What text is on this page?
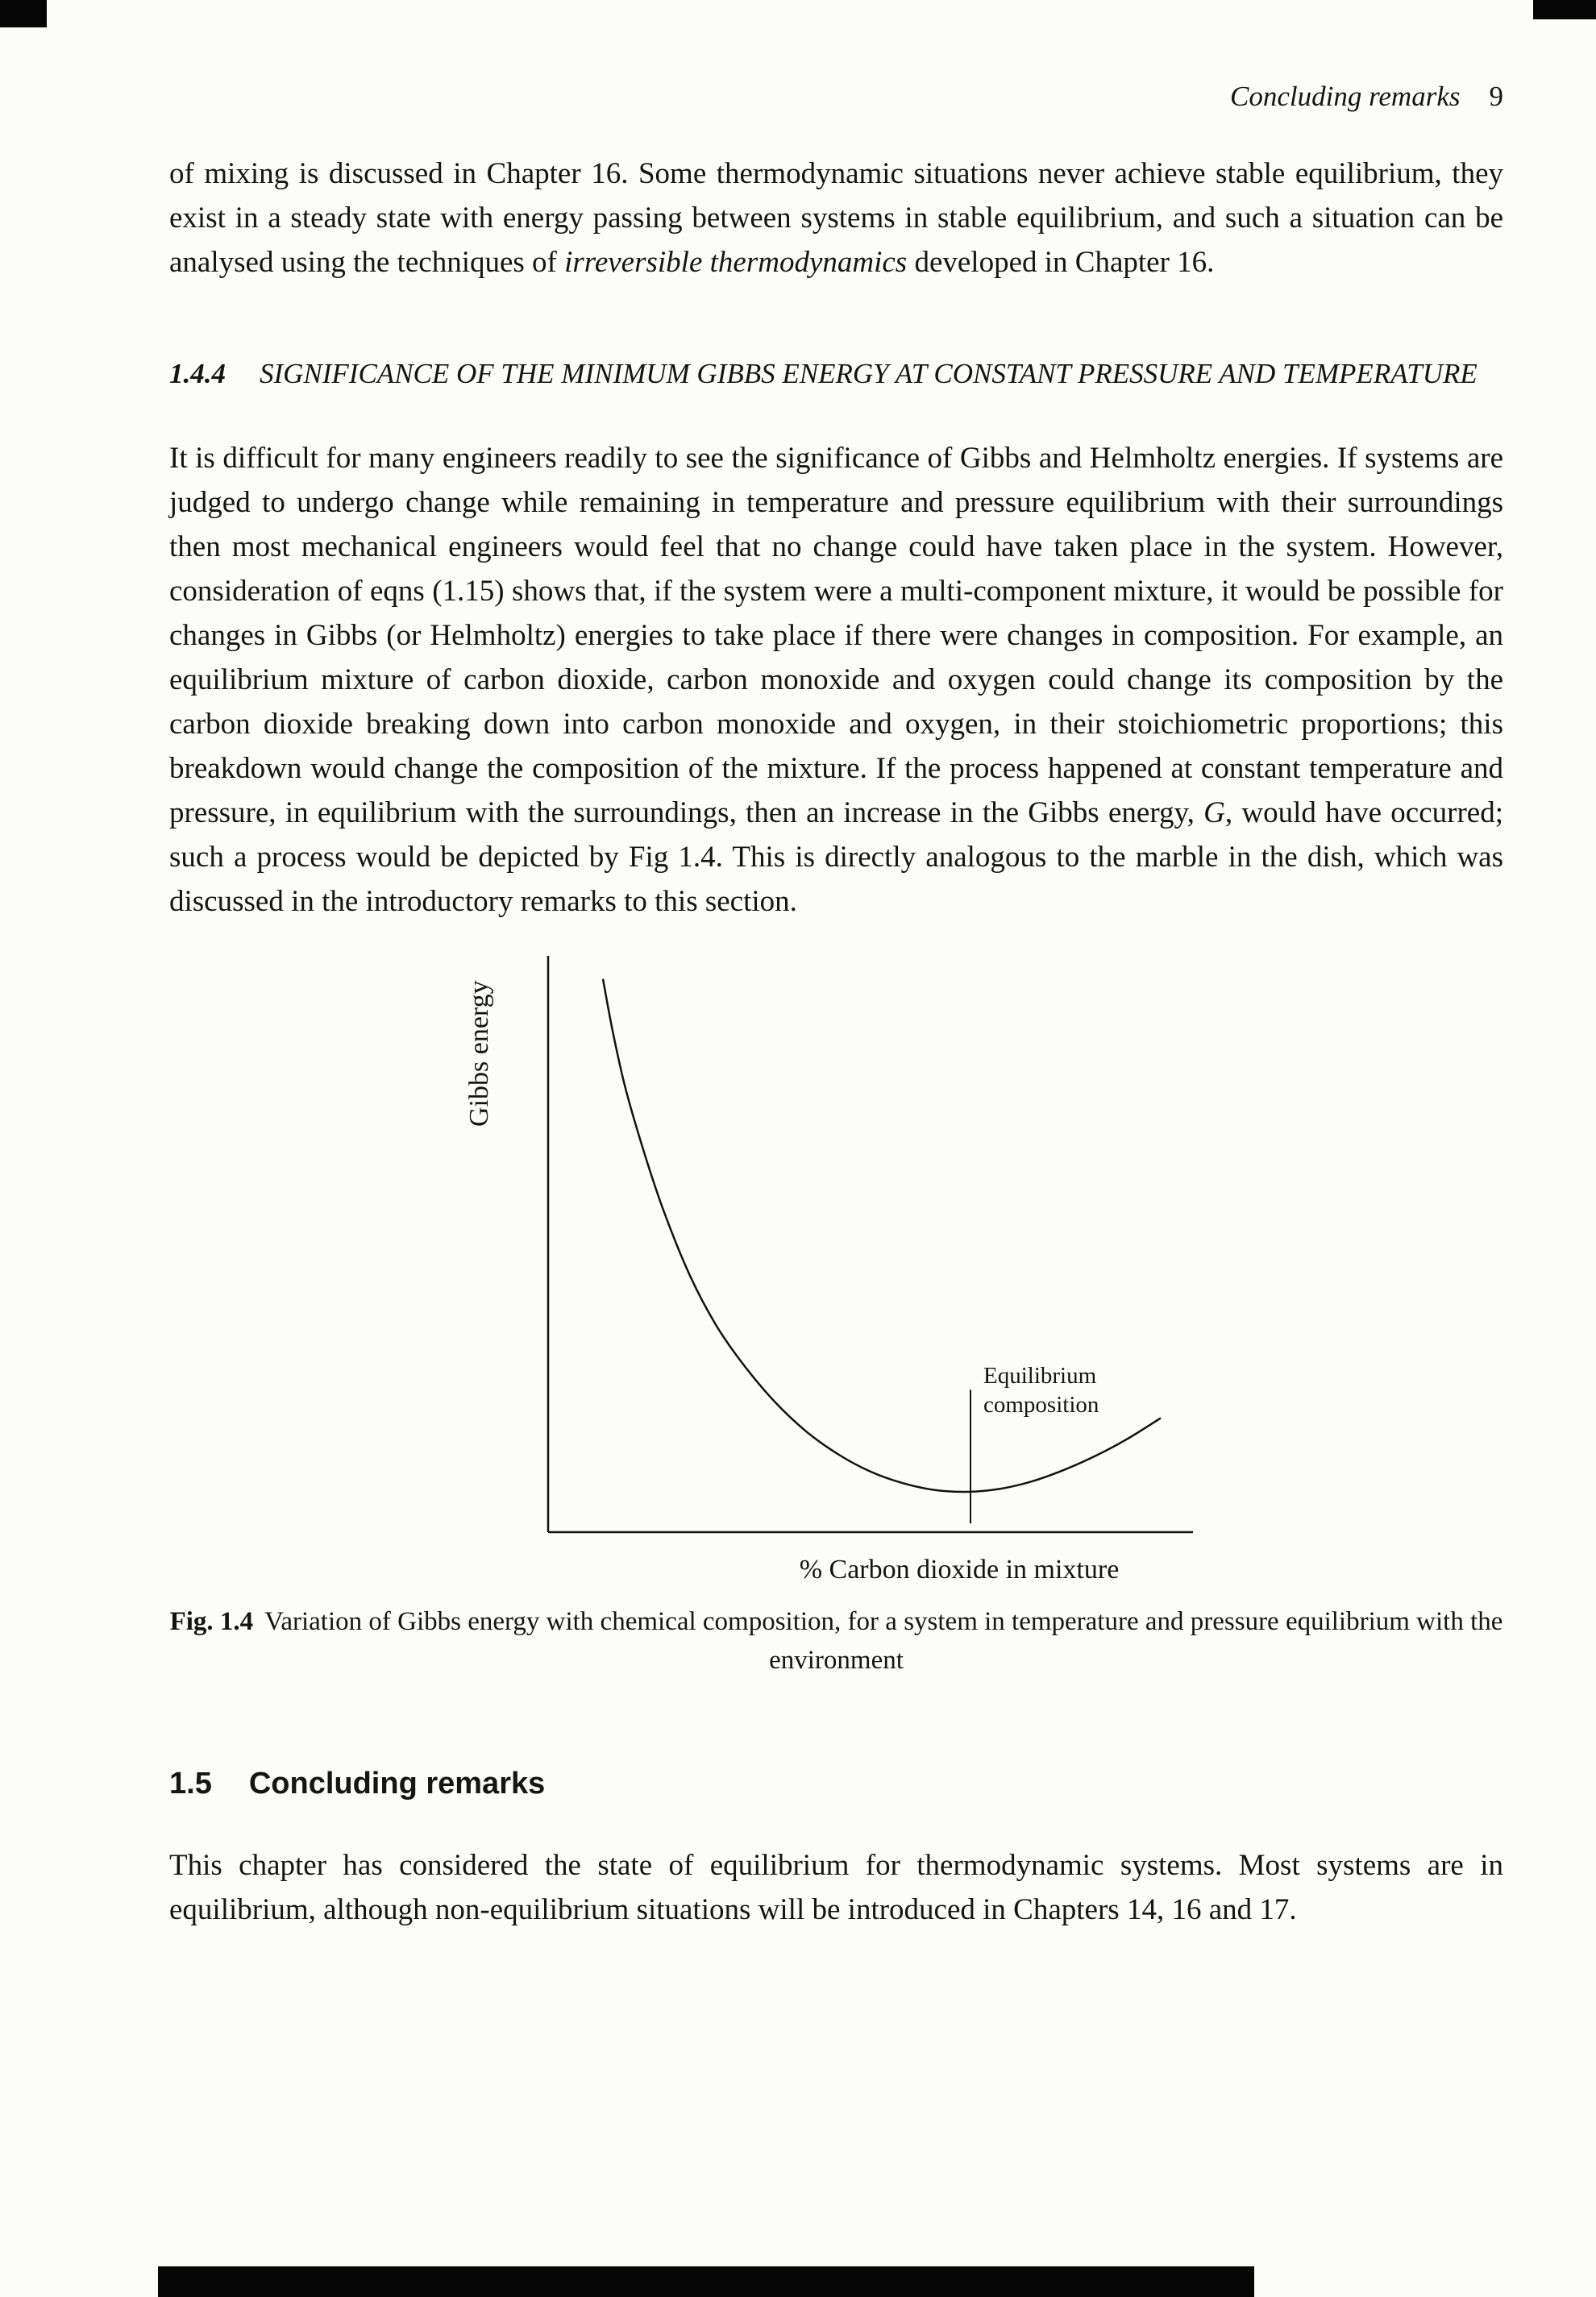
Concluding remarks 9

of mixing is discussed in Chapter 16. Some thermodynamic situations never achieve stable equilibrium, they exist in a steady state with energy passing between systems in stable equilibrium, and such a situation can be analysed using the techniques of irreversible thermodynamics developed in Chapter 16.

1.4.4 SIGNIFICANCE OF THE MINIMUM GIBBS ENERGY AT CONSTANT PRESSURE AND TEMPERATURE

It is difficult for many engineers readily to see the significance of Gibbs and Helmholtz energies. If systems are judged to undergo change while remaining in temperature and pressure equilibrium with their surroundings then most mechanical engineers would feel that no change could have taken place in the system. However, consideration of eqns (1.15) shows that, if the system were a multi-component mixture, it would be possible for changes in Gibbs (or Helmholtz) energies to take place if there were changes in composition. For example, an equilibrium mixture of carbon dioxide, carbon monoxide and oxygen could change its composition by the carbon dioxide breaking down into carbon monoxide and oxygen, in their stoichiometric proportions; this breakdown would change the composition of the mixture. If the process happened at constant temperature and pressure, in equilibrium with the surroundings, then an increase in the Gibbs energy, G, would have occurred; such a process would be depicted by Fig 1.4. This is directly analogous to the marble in the dish, which was discussed in the introductory remarks to this section.

Gibbs energy
Equilibrium
composition
% Carbon dioxide in mixture
Fig. 1.4 Variation of Gibbs energy with chemical composition, for a system in temperature and pressure equilibrium with the environment
1.5 Concluding remarks

This chapter has considered the state of equilibrium for thermodynamic systems. Most systems are in equilibrium, although non-equilibrium situations will be introduced in Chapters 14, 16 and 17.
